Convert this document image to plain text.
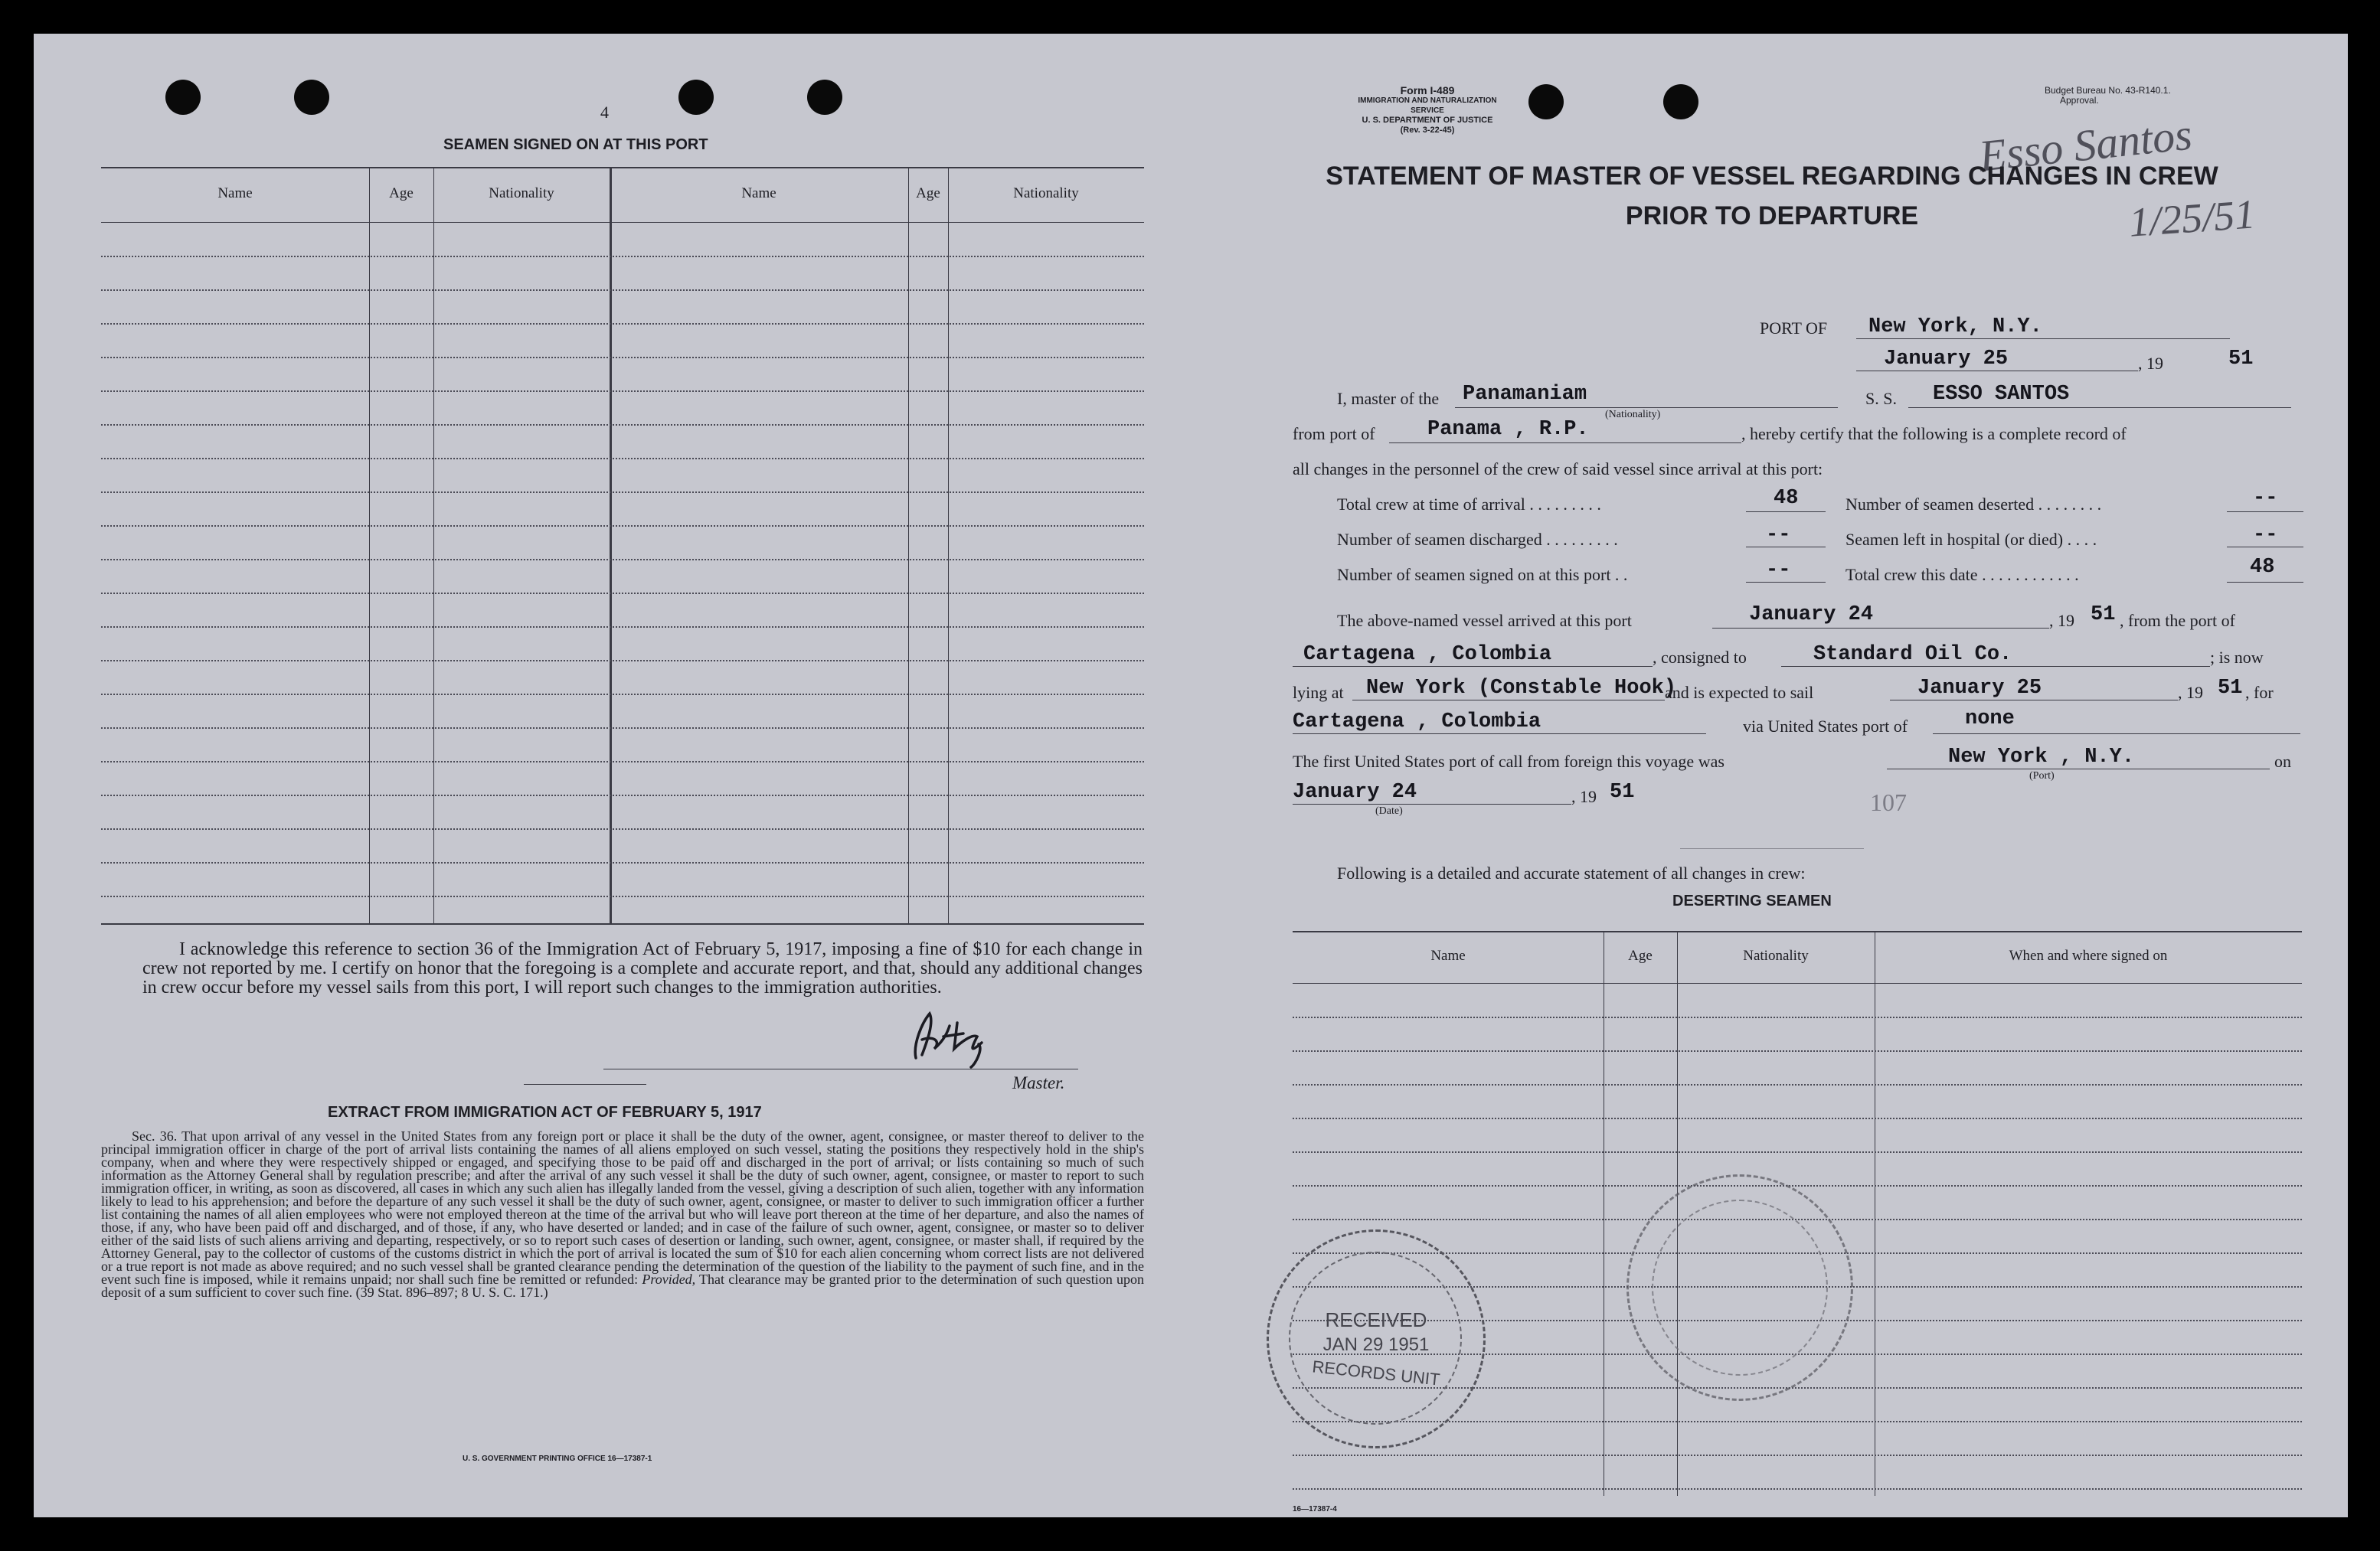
4
SEAMEN SIGNED ON AT THIS PORT
Name	Age	Nationality	Name	Age	Nationality
I acknowledge this reference to section 36 of the Immigration Act of February 5, 1917, imposing a fine of $10 for each change in crew not reported by me. I certify on honor that the foregoing is a complete and accurate report, and that, should any additional changes in crew occur before my vessel sails from this port, I will report such changes to the immigration authorities.
Master.
EXTRACT FROM IMMIGRATION ACT OF FEBRUARY 5, 1917
Sec. 36. That upon arrival of any vessel in the United States from any foreign port or place it shall be the duty of the owner, agent, consignee, or master thereof to deliver to the principal immigration officer in charge of the port of arrival lists containing the names of all aliens employed on such vessel, stating the positions they respectively hold in the ship's company, when and where they were respectively shipped or engaged, and specifying those to be paid off and discharged in the port of arrival; or lists containing so much of such information as the Attorney General shall by regulation prescribe; and after the arrival of any such vessel it shall be the duty of such owner, agent, consignee, or master to report to such immigration officer, in writing, as soon as discovered, all cases in which any such alien has illegally landed from the vessel, giving a description of such alien, together with any information likely to lead to his apprehension; and before the departure of any such vessel it shall be the duty of such owner, agent, consignee, or master to deliver to such immigration officer a further list containing the names of all alien employees who were not employed thereon at the time of the arrival but who will leave port thereon at the time of her departure, and also the names of those, if any, who have been paid off and discharged, and of those, if any, who have deserted or landed; and in case of the failure of such owner, agent, consignee, or master so to deliver either of the said lists of such aliens arriving and departing, respectively, or so to report such cases of desertion or landing, such owner, agent, consignee, or master shall, if required by the Attorney General, pay to the collector of customs of the customs district in which the port of arrival is located the sum of $10 for each alien concerning whom correct lists are not delivered or a true report is not made as above required; and no such vessel shall be granted clearance pending the determination of the question of the liability to the payment of such fine, and in the event such fine is imposed, while it remains unpaid; nor shall such fine be remitted or refunded: Provided, That clearance may be granted prior to the determination of such question upon deposit of a sum sufficient to cover such fine. (39 Stat. 896–897; 8 U. S. C. 171.)
U. S. GOVERNMENT PRINTING OFFICE 16—17387-1
Form I-489
IMMIGRATION AND NATURALIZATION SERVICE
U. S. DEPARTMENT OF JUSTICE
(Rev. 3-22-45)
Budget Bureau No. 43-R140.1.
Approval.
Esso Santos
1/25/51
STATEMENT OF MASTER OF VESSEL REGARDING CHANGES IN CREW
PRIOR TO DEPARTURE
PORT OF New York, N.Y.
January 25	, 19	51
I, master of the Panamaniam
(Nationality)
S. S. ESSO SANTOS
from port of	Panama , R.P.	, hereby certify that the following is a complete record of
all changes in the personnel of the crew of said vessel since arrival at this port:
Total crew at time of arrival . . . . . . . . .	48	Number of seamen deserted . . . . . . . .	--
Number of seamen discharged . . . . . . . . .	--	Seamen left in hospital (or died) . . . .	--
Number of seamen signed on at this port . .	--	Total crew this date . . . . . . . . . . . .	48
The above-named vessel arrived at this port	January 24	, 19 51 , from the port of
Cartagena , Colombia	, consigned to	Standard Oil Co.	; is now
lying at New York (Constable Hook)
and is expected to sail	January 25	, 19 51 , for
Cartagena , Colombia	via United States port of	none
The first United States port of call from foreign this voyage was	New York , N.Y.
(Port)
on
January 24
(Date)
, 19 51	107
Following is a detailed and accurate statement of all changes in crew:
DESERTING SEAMEN
Name	Age	Nationality	When and where signed on
RECEIVED
JAN 29 1951
RECORDS UNIT
16—17387-4
